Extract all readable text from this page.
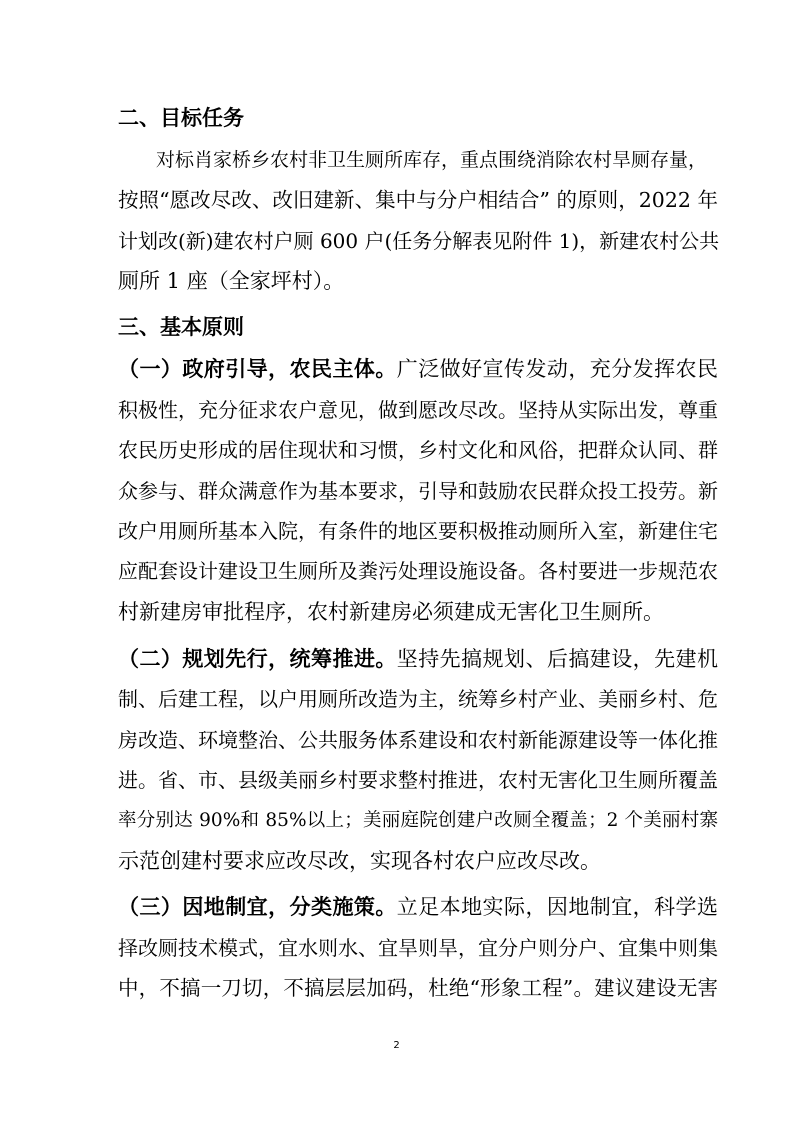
二、目标任务

　　对标肖家桥乡农村非卫生厕所库存，重点围绕消除农村旱厕存量，

按照“愿改尽改、改旧建新、集中与分户相结合” 的原则，2022 年

计划改(新)建农村户厕 600 户(任务分解表见附件 1)，新建农村公共

厕所 1 座（全家坪村）。

三、基本原则

（一）政府引导，农民主体。广泛做好宣传发动，充分发挥农民

积极性，充分征求农户意见，做到愿改尽改。坚持从实际出发，尊重

农民历史形成的居住现状和习惯，乡村文化和风俗，把群众认同、群

众参与、群众满意作为基本要求，引导和鼓励农民群众投工投劳。新

改户用厕所基本入院，有条件的地区要积极推动厕所入室，新建住宅

应配套设计建设卫生厕所及粪污处理设施设备。各村要进一步规范农

村新建房审批程序，农村新建房必须建成无害化卫生厕所。

（二）规划先行，统筹推进。坚持先搞规划、后搞建设，先建机

制、后建工程，以户用厕所改造为主，统筹乡村产业、美丽乡村、危

房改造、环境整治、公共服务体系建设和农村新能源建设等一体化推

进。省、市、县级美丽乡村要求整村推进，农村无害化卫生厕所覆盖

率分别达 90%和 85%以上；美丽庭院创建户改厕全覆盖；2 个美丽村寨

示范创建村要求应改尽改，实现各村农户应改尽改。

（三）因地制宜，分类施策。立足本地实际，因地制宜，科学选

择改厕技术模式，宜水则水、宜旱则旱，宜分户则分户、宜集中则集

中，不搞一刀切，不搞层层加码，杜绝“形象工程”。建议建设无害

2
